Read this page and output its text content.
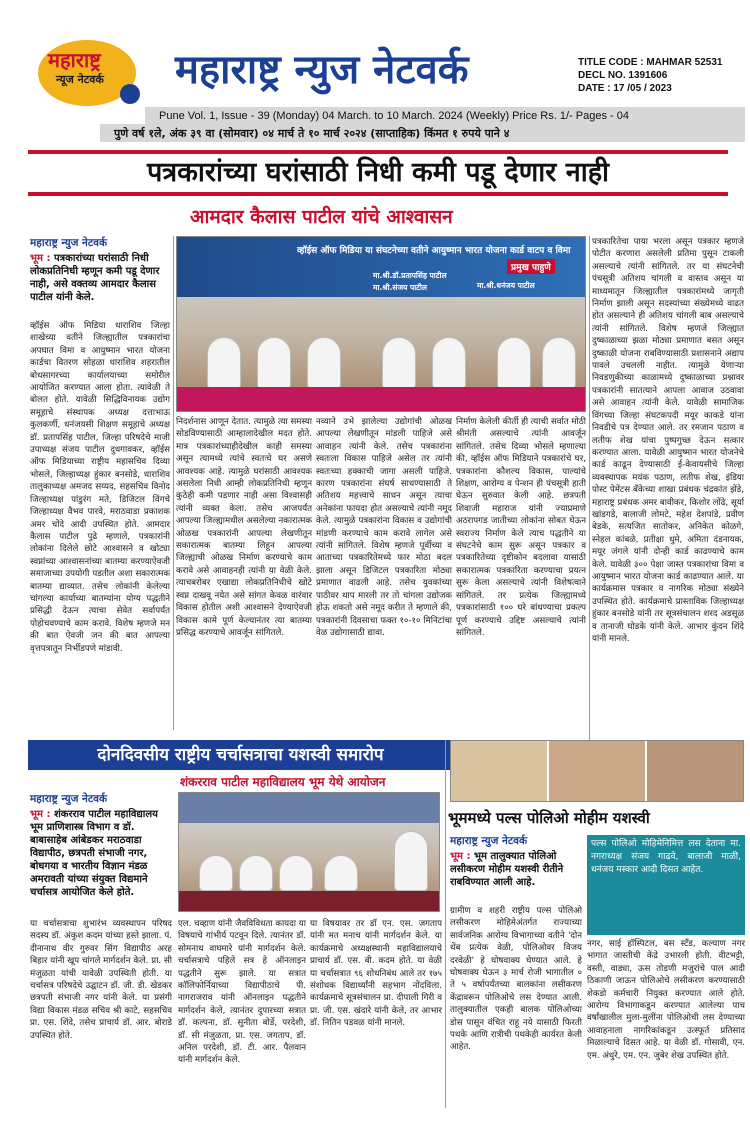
महाराष्ट्र
न्यूज नेटवर्क महाराष्ट्र न्युज नेटवर्क	TITLE CODE : MAHMAR 52531
DECL NO. 1391606
DATE : 17 /05 / 2023
Pune Vol. 1, Issue - 39 (Monday) 04 March. to 10 March. 2024 (Weekly) Price Rs. 1/- Pages - 04
पुणे वर्ष १ले, अंक ३९ वा (सोमवार) ०४ मार्च ते १० मार्च २०२४ (साप्ताहिक) किंमत १ रुपये पाने ४
पत्रकारांच्या घरांसाठी निधी कमी पडू देणार नाही
आमदार कैलास पाटील यांचे आश्वासन
महाराष्ट्र न्युज नेटवर्क
भूम : पत्रकारांच्या घरांसाठी निधी लोकप्रतिनिधी म्हणून कमी पडू देणार नाही, असे वक्तव्य आमदार कैलास पाटील यांनी केले.
व्हॉईस ऑफ मिडिया धाराशिव जिल्हा शाखेच्या वतीने जिल्ह्यातील पत्रकारांचा अपघात विमा व आयुष्मान भारत योजना कार्डचा वितरण सोहळा धाराशिव शहरातील बोधसागरच्या कार्यालयाच्या समोरील आयोजित करण्यात आला होता. त्यावेळी ते बोलत होते. यावेळी सिद्धिविनायक उद्योग समूहाचे संस्थापक अध्यक्ष दत्ताभाऊ कुलकर्णी, धनंजयसी शिक्षण समूहाचे अध्यक्ष डॉ. प्रतापसिंह पाटील, जिल्हा परिषदेचे माजी उपाध्यक्ष संजय पाटील दुधगावकर, व्हॉईस ऑफ मिडियाच्या राष्ट्रीय महासचिव दिव्या भोसले, जिल्हाध्यक्ष हुंकार बनसोडे, धाराशिव तालुकाध्यक्ष अमजद सय्यद, सहसचिव विनोद जिल्हाध्यक्ष पांडुरंग मते, डिजिटल विंगचे जिल्हाध्यक्ष वैभव पारवे, मराठवाडा प्रकाशक अमर चोंदे आदी उपस्थित होते. आमदार कैलास पाटील पुढे म्हणाले, पत्रकारांनी लोकांना दिलेले छोटे आश्वासने व खोट्या स्वप्नांच्या आश्वासनांच्या बातम्या करण्याऐवजी समाजाच्या उपयोगी पडतील अशा सकारात्मक बातम्या द्याव्यात. तसेच लोकांनी केलेल्या चांगल्या कार्याच्या बातम्यांना योग्य पद्धतीने प्रसिद्धी देऊन त्याचा सेवेत सर्वापर्यंत पोहोचवण्याचे काम करावे. विशेष म्हणजे मन की बात ऐवजी जन की बात आपल्या वृत्तपत्रातून निर्भीडपणे मांडावी.
व्हॉईस ऑफ मिडिया या संघटनेच्या वतीने आयुष्मान भारत योजना कार्ड वाटप व विमा
प्रमुख पाहुणे
मा.श्री.डॉ.प्रतापसिंह पाटील
मा.श्री.धनंजय पाटील
मा.श्री.संजय पाटील
निदर्शनास आणून देतात. त्यामुळे त्या समस्या सोडविण्यासाठी आम्हालादेखील मदत होते. मात्र पत्रकारांच्याहीदेखील काही समस्या असून त्यामध्ये त्यांचे स्वतःचे घर असणे आवश्यक आहे. त्यामुळे घरांसाठी आवश्यक असलेला निधी आम्ही लोकप्रतिनिधी म्हणून कुठेही कमी पडणार नाही असा विश्वासही त्यांनी व्यक्त केला. तसेच आजपर्यंत आपल्या जिल्ह्यामधील असलेल्या नकारात्मक ओळख पत्रकारांनी आपल्या लेखणीतून सकारात्मक बातम्या लिहून आपल्या जिल्ह्याची ओळख निर्माण करण्याचे काम करावे असे आवाहनही त्यांनी या वेळी केले. त्याचबरोबर एखाद्या लोकप्रतिनिधीचे खोटे स्वप्न दाखवू नयेत असे सांगत केवळ वारंवार विकास होतील अशी आश्वासने देण्याऐवजी विकास कामे पूर्ण केल्यानंतर त्या बातम्या प्रसिद्ध करण्याचे आवर्जून सांगितले.
नव्याने उभे झालेल्या उद्योगांची ओळख आपल्या लेखणीतून मांडली पाहिजे असे आवाहन त्यांनी केले. तसेच पत्रकारांना स्वतःला विकास पाहिजे असेल तर त्यांनी स्वतःच्या हक्काची जागा असली पाहिजे. कारण पत्रकारांना संघर्ष साधण्यासाठी ते अतिशय महत्त्वाचे साधन असून त्याचा अनेकांना फायदा होत असल्याचे त्यांनी नमूद केले. त्यामुळे पत्रकारांना विकास व उद्योगांची मांडणी करण्याचे काम करावे लागेल असे त्यांनी सांगितले. विशेष म्हणजे पूर्वीच्या व आताच्या पत्रकारितेमध्ये फार मोठा बदल झाला असून डिजिटल पत्रकारिता मोठ्या प्रमाणात वाढली आहे. तसेच युवकांच्या पाठीवर थाप मारली तर तो चांगला उद्योजक होऊ शकतो असे नमूद करीत ते म्हणाले की, पत्रकारांनी दिवसाचा फक्त १०-१० मिनिटांचा वेळ उद्योगासाठी द्यावा.
निर्माण केलेली कीर्ती ही त्याची सर्वात मोठी श्रीमंती असल्याचे त्यांनी आवर्जून सांगितले. तसेच दिव्या भोसले म्हणाल्या की, व्हॉईस ऑफ मिडियाने पत्रकारांचे घर, पत्रकारांना कौशल्य विकास, पाल्यांचे शिक्षण, आरोग्य व पेन्शन ही पंचसूत्री हाती घेऊन सुरुवात केली आहे. छत्रपती शिवाजी महाराज यांनी ज्याप्रमाणे अठरापगड जातीच्या लोकांना सोबत घेऊन स्वराज्य निर्माण केले त्याच पद्धतीने या संघटनेचे काम सुरू असून पत्रकार व पत्रकारितेच्या दृष्टीकोन बदलावा यासाठी सकारात्मक पत्रकारिता करण्याचा प्रयत्न सुरू केला असल्याचे त्यांनी विशेषत्वाने सांगितले. तर प्रत्येक जिल्ह्यामध्ये पत्रकारांसाठी १०० घरे बांधण्याचा प्रकल्प पूर्ण करण्याचे उद्दिष्ट असल्याचे त्यांनी सांगितले.
पत्रकारितेचा पाया भरला असून पत्रकार म्हणजे पोटीत करणारा असलेली प्रतिमा पुसून टाकली असल्याचे त्यांनी सांगितले. तर या संघटनेची पंचसूत्री अतिशय चांगली व वास्तव असून या माध्यमातून जिल्ह्यातील पत्रकारांमध्ये जागृती निर्माण झाली असून सदस्यांच्या संख्येमध्ये वाढत होत असल्याने ही अतिशय चांगली बाब असल्याचे त्यांनी सांगितले. विशेष म्हणजे जिल्ह्यात दुष्काळाच्या झळा मोठ्या प्रमाणात बसत असून दुष्काळी योजना राबविण्यासाठी प्रशासनाने अद्याप पावले उचलली नाहीत. त्यामुळे येणाऱ्या निवडणुकीच्या काळामध्ये दुष्काळाच्या प्रश्नावर पत्रकारांनी सातत्याने आपला आवाज उठवावा असे आवाहन त्यांनी केले. यावेळी सामाजिक विंगच्या जिल्हा संघटकपदी मयूर काकडे यांना निवडीचे पत्र देण्यात आले. तर रमजान पठाण व लतीफ शेख यांचा पुष्पगुच्छ देऊन सत्कार करण्यात आला. यावेळी आयुष्मान भारत योजनेचे कार्ड काढून देण्यासाठी ई-केवायसीचे जिल्हा व्यवस्थापक मयंक पठाण, लतीफ शेख, इंडिया पोस्ट पेमेंटस बँकेच्या शाखा प्रबंधक चंद्रकांत झेंडे, महाराष्ट्र प्रबंधक अमर बावीकर, किशोर लोंढे, सूर्या खांडगडे, बालाजी लोमटे, महेश देशपांडे, प्रवीण बेडके, सत्यजित सातोकर, अनिकेत कोळगे, स्नेहल कांबळे, प्रतीक्षा धुमे, अमिता दंडनायक, मयूर जंगले यांनी दोन्ही कार्ड काढण्याचे काम केले. यावेळी ३०० पेक्षा जास्त पत्रकारांचा विमा व आयुष्मान भारत योजना कार्ड काढण्यात आले. या कार्यक्रमास पत्रकार व नागरिक मोठ्या संख्येने उपस्थित होते. कार्यक्रमाचे प्रास्ताविक जिल्हाध्यक्ष हुंकार बनसोडे यांनी तर सूत्रसंचालन शरद अडसूळ व तानाजी घोडके यांनी केले. आभार कुंदन शिंदे यांनी मानले.
दोनदिवसीय राष्ट्रीय चर्चासत्राचा यशस्वी समारोप
शंकरराव पाटील महाविद्यालय भूम येथे आयोजन
महाराष्ट्र न्युज नेटवर्क
भूम : शंकरराव पाटील महाविद्यालय भूम प्राणिशास्त्र विभाग व डॉ. बाबासाहेब आंबेडकर मराठवाडा विद्यापीठ, छत्रपती संभाजी नगर, बोधगया व भारतीय विज्ञान मंडळ अमरावती यांच्या संयुक्त विद्यमाने चर्चासत्र आयोजित केले होते.
या चर्चासत्राचा शुभारंभ व्यवस्थापन परिषद सदस्य डॉ. अंकुश कदम यांच्या हस्ते झाला. पं. दीनानाथ वीर गुरुवर सिंग विद्यापीठ अरह बिहार यांनी खूप चांगले मार्गदर्शन केले. प्रा. सी मंजुळता यांची यावेळी उपस्थिती होती. या चर्चासत्र परिषदेचे उद्घाटन डॉ. जी. डी. खेडकर छत्रपती संभाजी नगर यांनी केले. या प्रसंगी विद्या विकास मंडळ सचिव श्री काटे, सहसचिव प्रा. एस. शिंदे, तसेच प्राचार्य डॉ. आर. बोराडे उपस्थित होते.
एल. चव्हाण यांनी जैवविविधता कायदा या विषयाचे गांभीर्य पटवून दिले. त्यानंतर डॉ. सोमनाथ वाघमारे यांनी मार्गदर्शन केले. चर्चासत्राचे पहिले सत्र हे ऑनलाइन पद्धतीने सुरू झाले. या सत्रात कॉलिफोर्नियाच्या विद्यापीठाचे पी. नागराजराव यांनी ऑनलाइन पद्धतीने मार्गदर्शन केले, त्यानंतर दुपारच्या सत्रात डॉ. कल्पना, डॉ. सुनीता बोर्डे, परदेशी, डॉ. सी मंजुळता, प्रा. एस. जगताप, डॉ. अनिल परदेशी, डॉ. टी. आर. पैलवान यांनी मार्गदर्शन केले.
या विषयावर तर डॉ एन. एस. जगताप यांनी मत मनाच यांनी मार्गदर्शन केले. या कार्यक्रमाचे अध्यक्षस्थानी महाविद्यालयाचे प्राचार्य डॉ. एस. बी. कदम होते. या वेळी या चर्चासत्रात ९६ शोधनिबंध आले तर १७५ संशोधक विद्यार्थ्यांनी सहभाग नोंदविला. कार्यक्रमाचे सूत्रसंचालन प्रा. दीपाली गिरी व प्रा. जी. एस. खंदारे यांनी केले, तर आभार डॉ. नितिन पडवळ यांनी मानले.
भूममध्ये पल्स पोलिओ मोहीम यशस्वी
महाराष्ट्र न्युज नेटवर्क
भूम : भूम तालुक्यात पोलिओ लसीकरण मोहीम यशस्वी रीतीने राबविण्यात आली आहे.
पल्स पोलिओ मोहिमेनिमित्त लस देताना मा. नगराध्यक्ष संजय गाढवे, बालाजी माळी, धनंजय मस्कार आदी दिसत आहेत.
ग्रामीण व शहरी राष्ट्रीय पल्स पोलिओ लसीकरण मोहिमेअंतर्गत राज्याच्या सार्वजनिक आरोग्य विभागाच्या वतीने 'दोन थेंब प्रत्येक वेळी, पोलिओवर विजय दरवेळी' हे घोषवाक्य घेण्यात आले. हे घोषवाक्य घेऊन ३ मार्च रोजी भागातील ० ते ५ वर्षापर्यंतच्या बालकांना लसीकरण केंद्रावरून पोलिओचे लस देण्यात आली. तालुक्यातील एकही बालक पोलिओच्या डोस पासून वंचित राहू नये यासाठी फिरती पथके आणि रात्रीची पथकेही कार्यरत केली आहेत.
नगर, साई हॉस्पिटल, बस स्टँड, कल्याण नगर भागात जास्तीची केंद्रे उभारली होती. वीटभट्टी, वस्ती, वाड्या, ऊस तोडणी मजुरांचे पाल आदी ठिकाणी जाऊन पोलिओचे लसीकरण करण्यासाठी शेकडो कर्मचारी नियुक्त करण्यात आले होते. आरोग्य विभागाकडून करण्यात आलेल्या पाच वर्षांखालील मुला-मुलींना पोलिओची लस देण्याच्या आवाहनाला नागरिकांकडून उत्स्फूर्त प्रतिसाद मिळाल्याचे दिसत आहे. या वेळी डॉ. गोसावी, एन. एम. अंधुरे, एम. एन. जुबेर शेख उपस्थित होते.
